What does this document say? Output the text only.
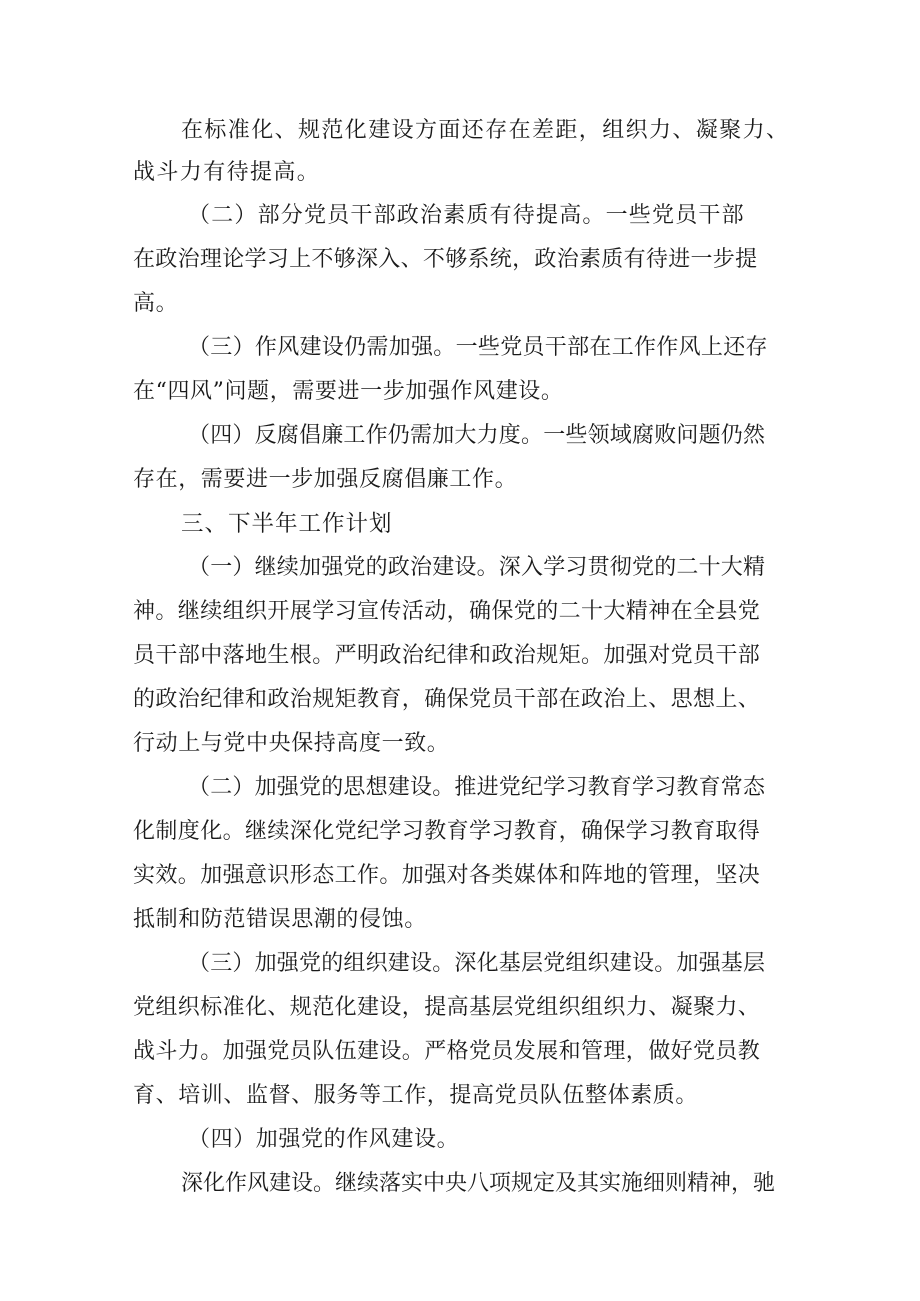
在标准化、规范化建设方面还存在差距，组织力、凝聚力、
战斗力有待提高。
（二）部分党员干部政治素质有待提高。一些党员干部
在政治理论学习上不够深入、不够系统，政治素质有待进一步提
高。
（三）作风建设仍需加强。一些党员干部在工作作风上还存
在“四风”问题，需要进一步加强作风建设。
（四）反腐倡廉工作仍需加大力度。一些领域腐败问题仍然
存在，需要进一步加强反腐倡廉工作。
三、下半年工作计划
（一）继续加强党的政治建设。深入学习贯彻党的二十大精
神。继续组织开展学习宣传活动，确保党的二十大精神在全县党
员干部中落地生根。严明政治纪律和政治规矩。加强对党员干部
的政治纪律和政治规矩教育，确保党员干部在政治上、思想上、
行动上与党中央保持高度一致。
（二）加强党的思想建设。推进党纪学习教育学习教育常态
化制度化。继续深化党纪学习教育学习教育，确保学习教育取得
实效。加强意识形态工作。加强对各类媒体和阵地的管理，坚决
抵制和防范错误思潮的侵蚀。
（三）加强党的组织建设。深化基层党组织建设。加强基层
党组织标准化、规范化建设，提高基层党组织组织力、凝聚力、
战斗力。加强党员队伍建设。严格党员发展和管理，做好党员教
育、培训、监督、服务等工作，提高党员队伍整体素质。
（四）加强党的作风建设。
深化作风建设。继续落实中央八项规定及其实施细则精神，驰
